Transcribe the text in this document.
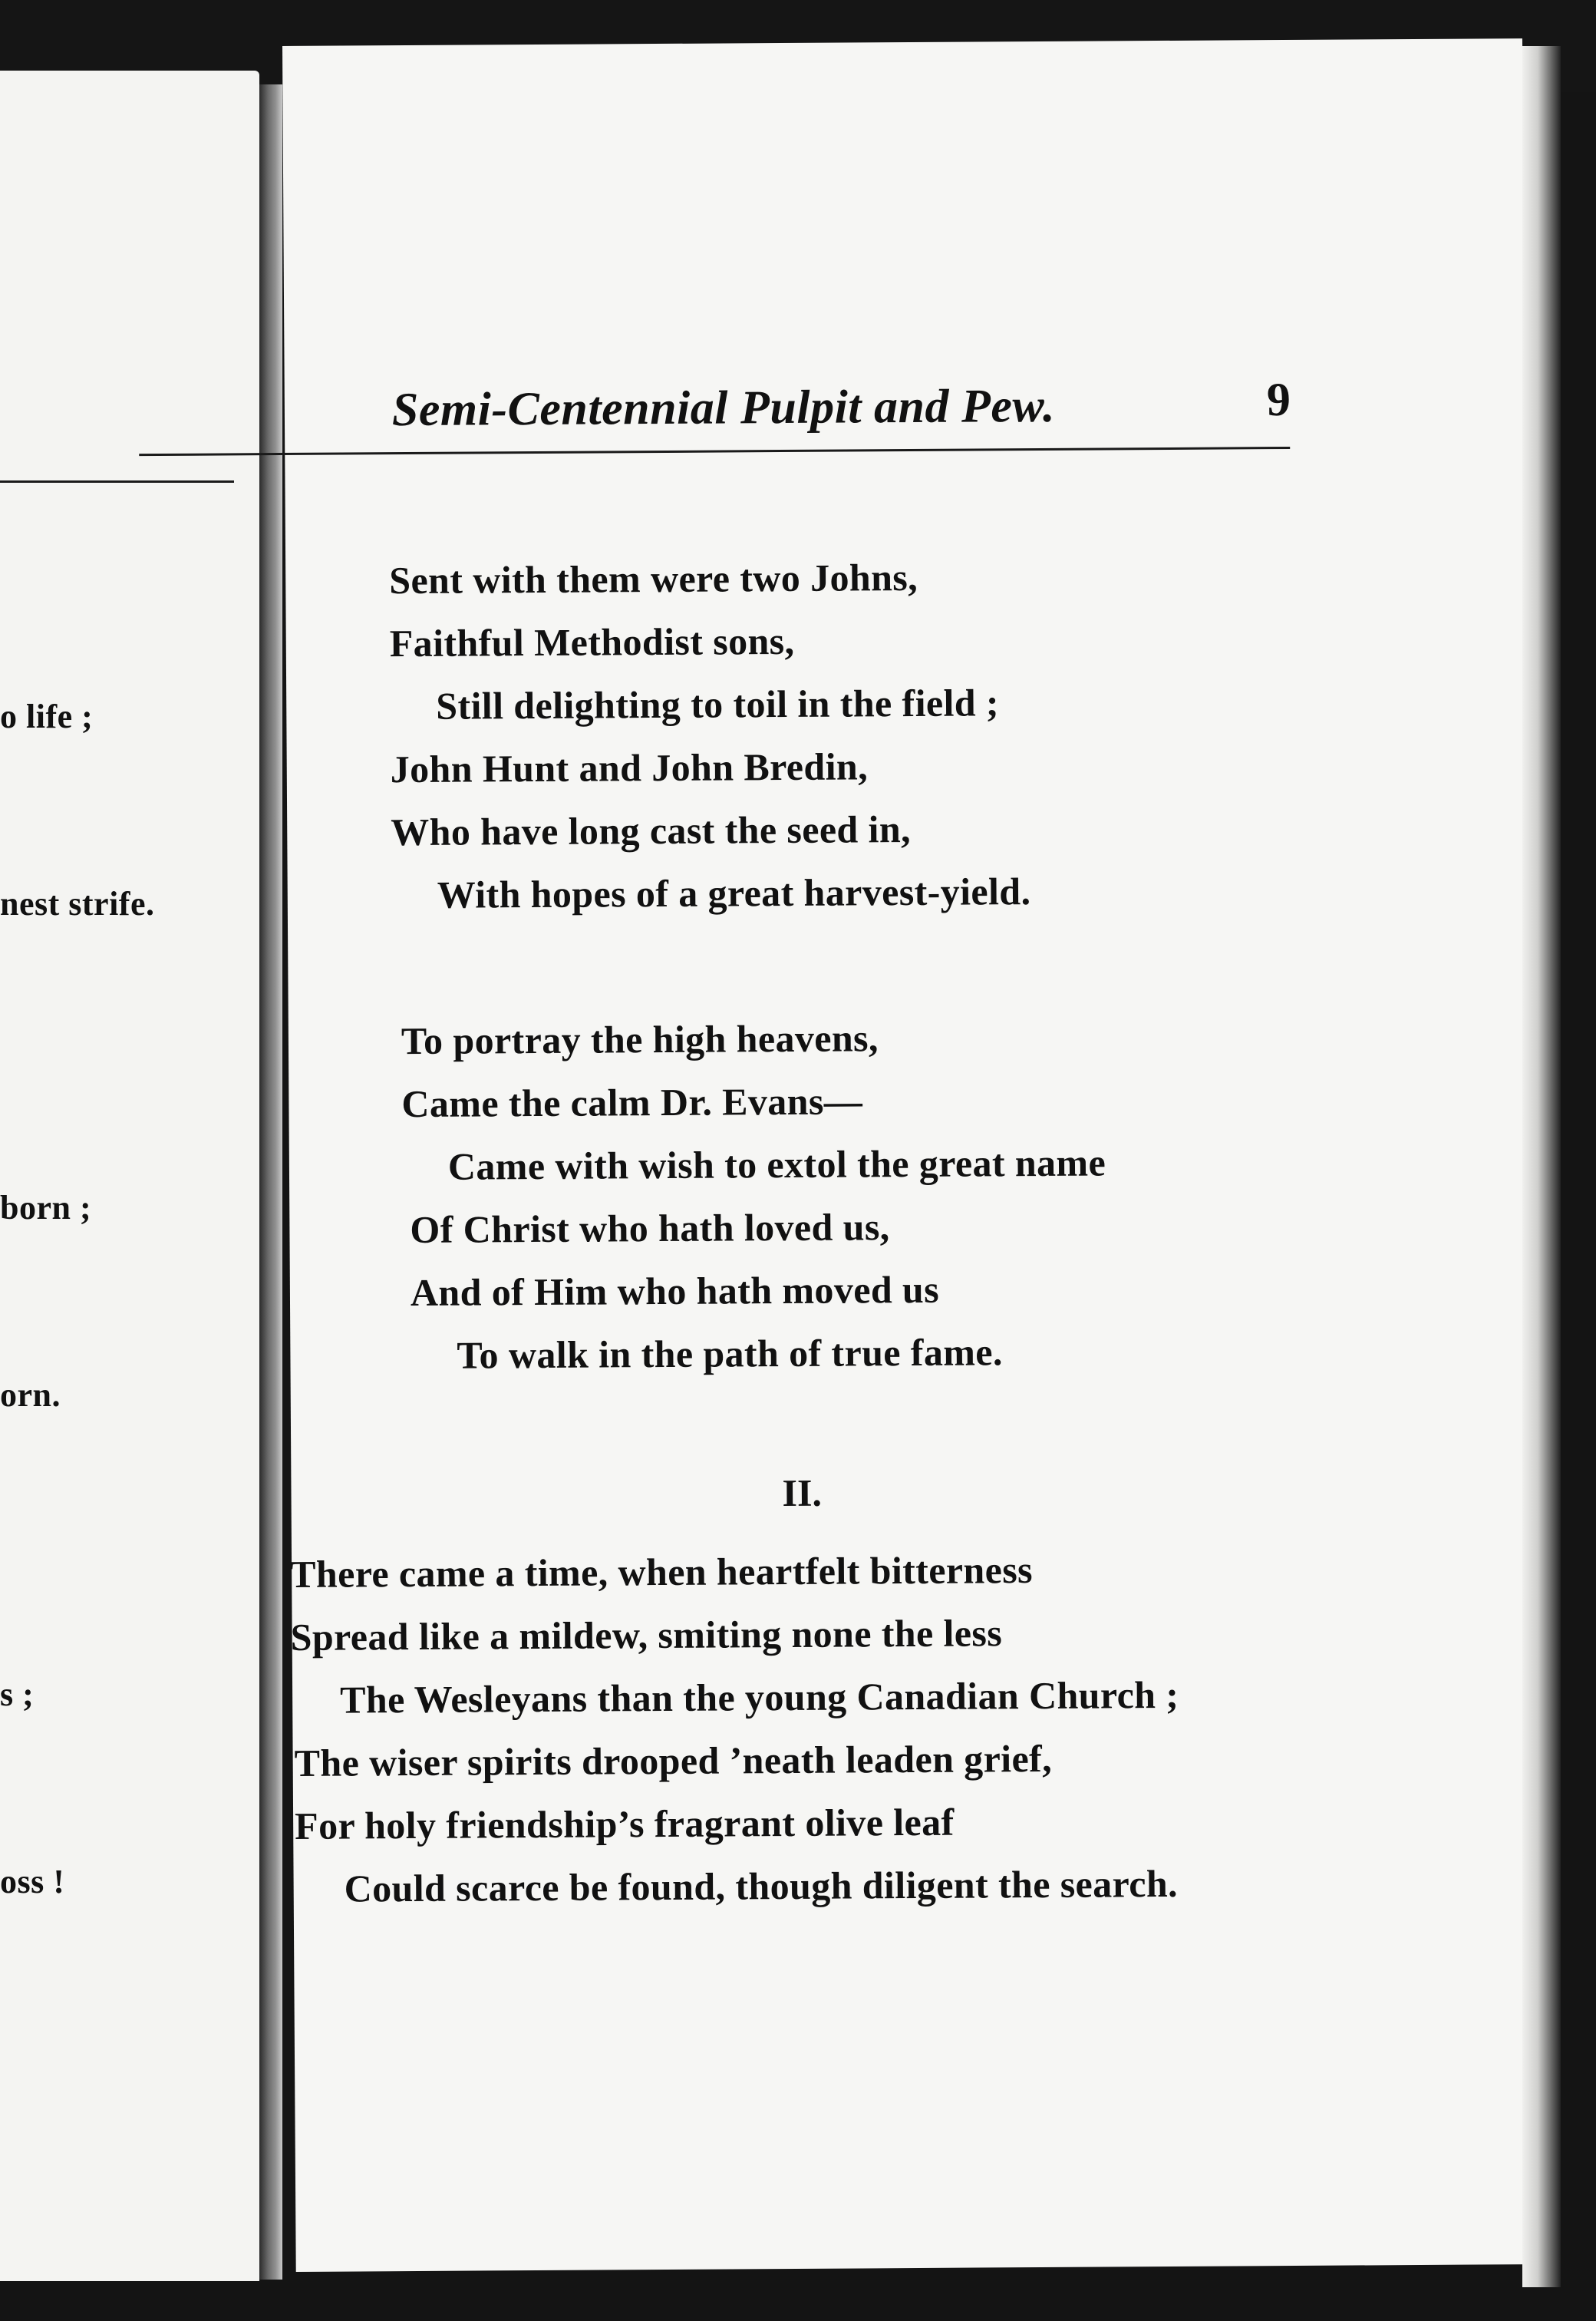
o life ;
nest strife.
born ;
orn.
s ;
oss !
Semi-Centennial Pulpit and Pew.	9
Sent with them were two Johns,
Faithful Methodist sons,
Still delighting to toil in the field ;
John Hunt and John Bredin,
Who have long cast the seed in,
With hopes of a great harvest-yield.
To portray the high heavens,
Came the calm Dr. Evans—
Came with wish to extol the great name
Of Christ who hath loved us,
And of Him who hath moved us
To walk in the path of true fame.
II.
There came a time, when heartfelt bitterness
Spread like a mildew, smiting none the less
The Wesleyans than the young Canadian Church ;
The wiser spirits drooped ’neath leaden grief,
For holy friendship’s fragrant olive leaf
Could scarce be found, though diligent the search.
